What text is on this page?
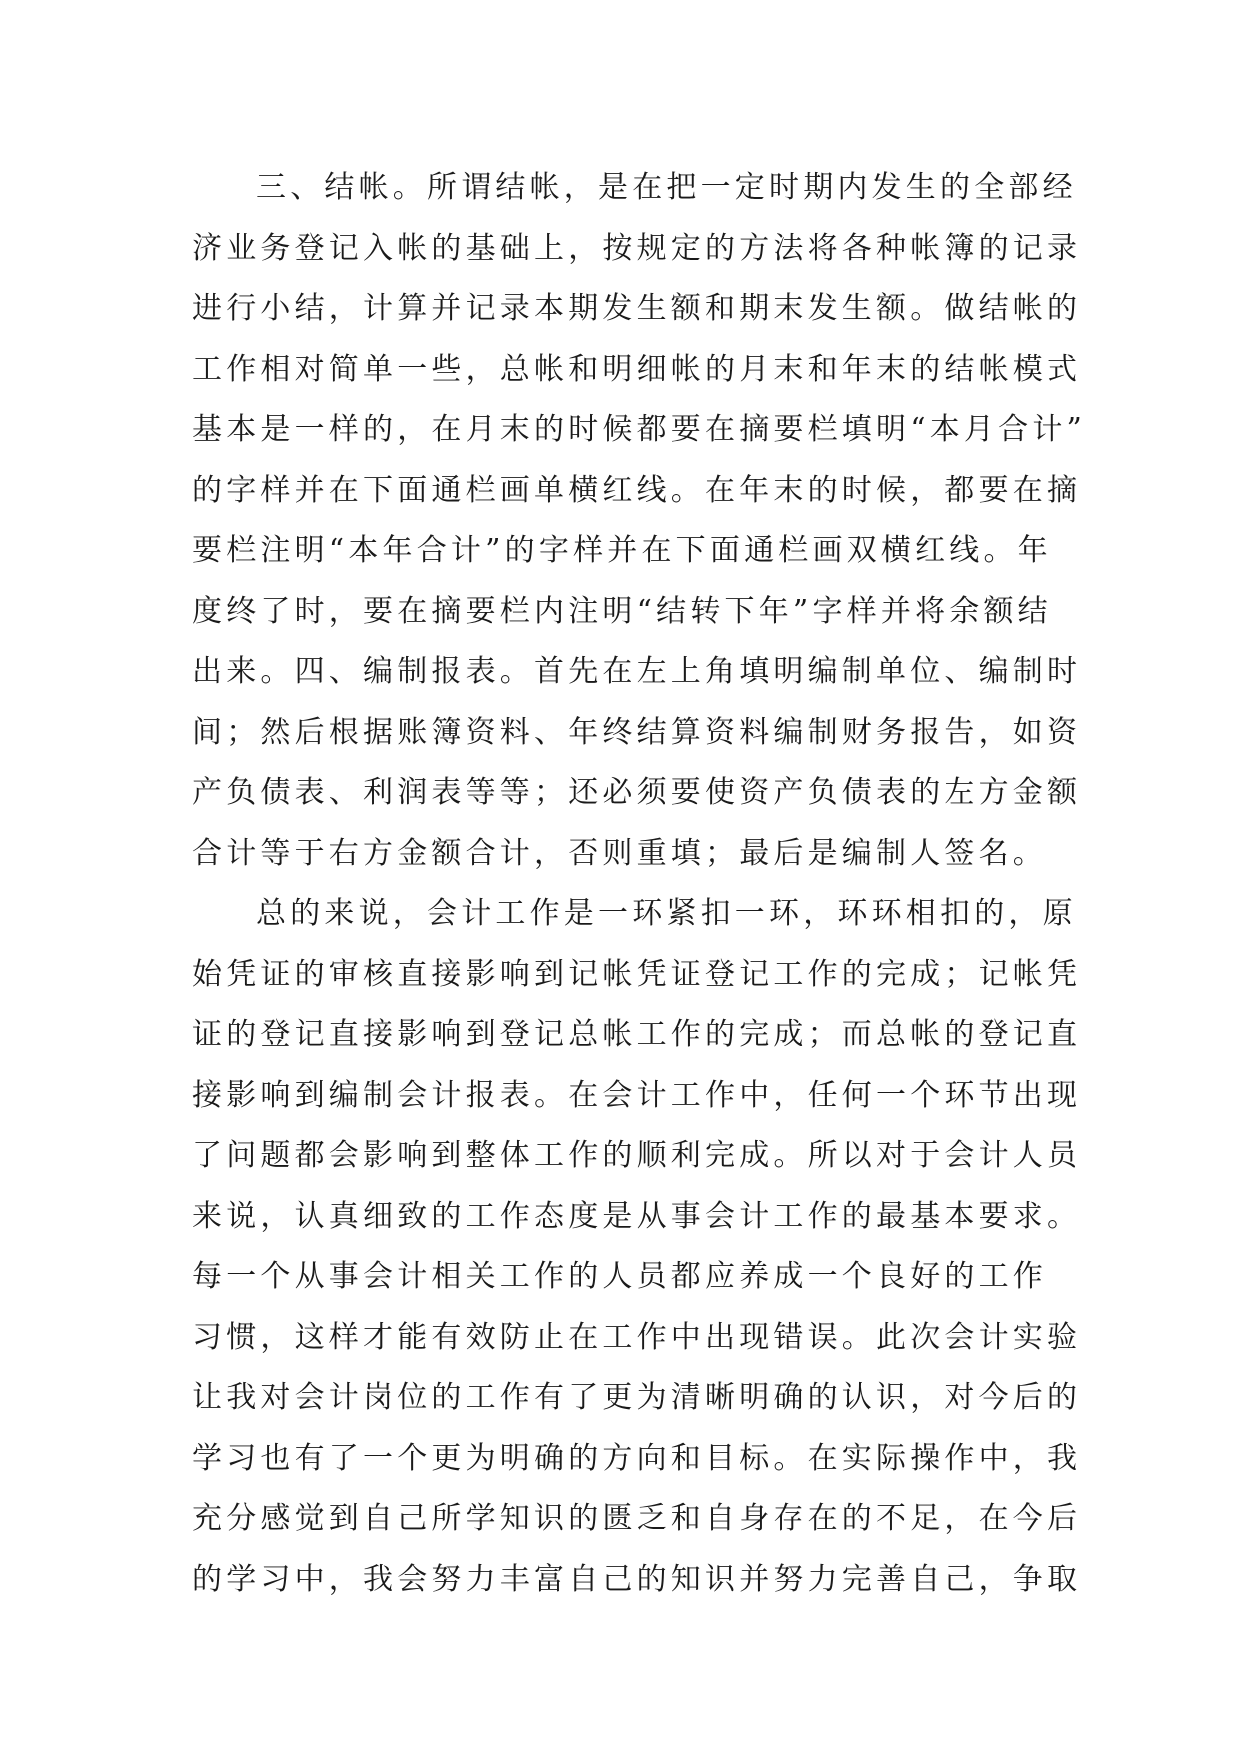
三、结帐。所谓结帐，是在把一定时期内发生的全部经
济业务登记入帐的基础上，按规定的方法将各种帐簿的记录
进行小结，计算并记录本期发生额和期末发生额。做结帐的
工作相对简单一些，总帐和明细帐的月末和年末的结帐模式
基本是一样的，在月末的时候都要在摘要栏填明“本月合计”
的字样并在下面通栏画单横红线。在年末的时候，都要在摘
要栏注明“本年合计”的字样并在下面通栏画双横红线。年
度终了时，要在摘要栏内注明“结转下年”字样并将余额结
出来。四、编制报表。首先在左上角填明编制单位、编制时
间；然后根据账簿资料、年终结算资料编制财务报告，如资
产负债表、利润表等等；还必须要使资产负债表的左方金额
合计等于右方金额合计，否则重填；最后是编制人签名。
总的来说，会计工作是一环紧扣一环，环环相扣的，原
始凭证的审核直接影响到记帐凭证登记工作的完成；记帐凭
证的登记直接影响到登记总帐工作的完成；而总帐的登记直
接影响到编制会计报表。在会计工作中，任何一个环节出现
了问题都会影响到整体工作的顺利完成。所以对于会计人员
来说，认真细致的工作态度是从事会计工作的最基本要求。
每一个从事会计相关工作的人员都应养成一个良好的工作
习惯，这样才能有效防止在工作中出现错误。此次会计实验
让我对会计岗位的工作有了更为清晰明确的认识，对今后的
学习也有了一个更为明确的方向和目标。在实际操作中，我
充分感觉到自己所学知识的匮乏和自身存在的不足，在今后
的学习中，我会努力丰富自己的知识并努力完善自己，争取
